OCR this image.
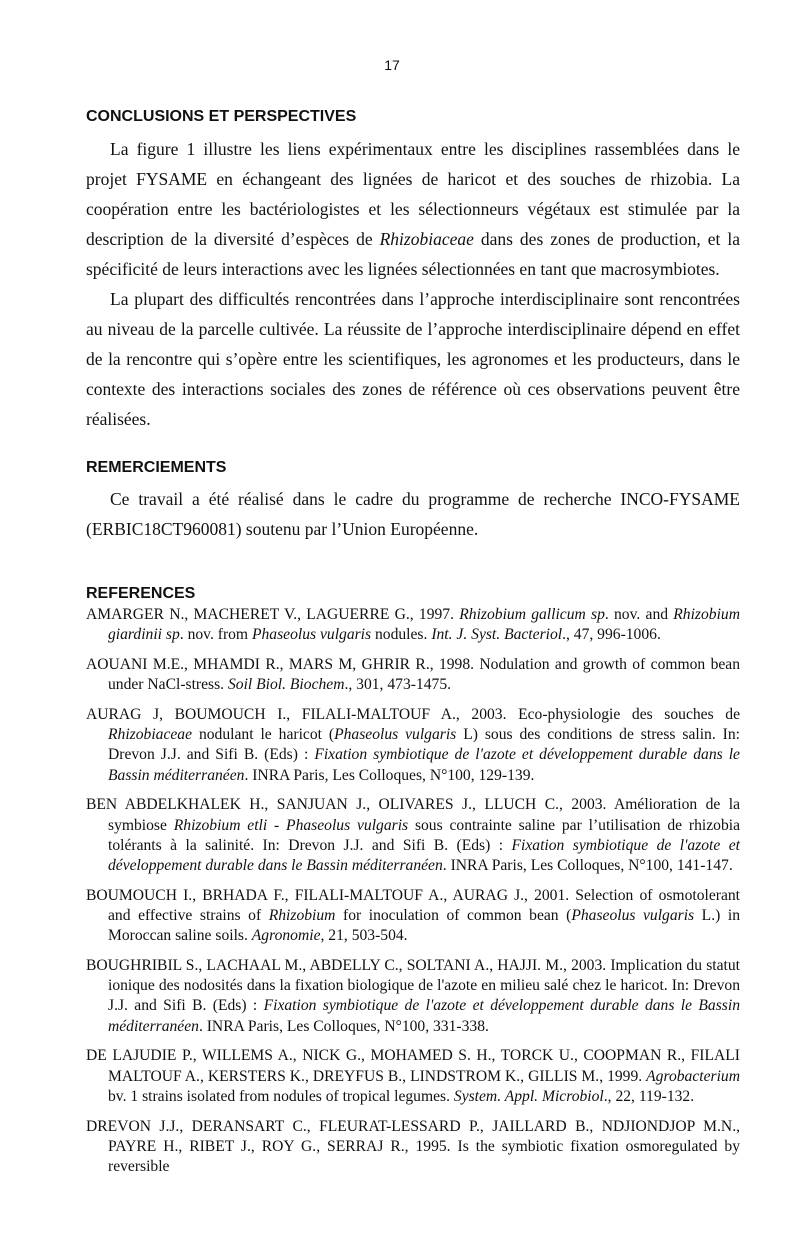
17
CONCLUSIONS ET PERSPECTIVES

La figure 1 illustre les liens expérimentaux entre les disciplines rassemblées dans le projet FYSAME en échangeant des lignées de haricot et des souches de rhizobia. La coopération entre les bactériologistes et les sélectionneurs végétaux est stimulée par la description de la diversité d’espèces de Rhizobiaceae dans des zones de production, et la spécificité de leurs interactions avec les lignées sélectionnées en tant que macrosymbiotes.

La plupart des difficultés rencontrées dans l’approche interdisciplinaire sont rencontrées au niveau de la parcelle cultivée. La réussite de l’approche interdisciplinaire dépend en effet de la rencontre qui s’opère entre les scientifiques, les agronomes et les producteurs, dans le contexte des interactions sociales des zones de référence où ces observations peuvent être réalisées.

REMERCIEMENTS

Ce travail a été réalisé dans le cadre du programme de recherche INCO-FYSAME (ERBIC18CT960081) soutenu par l’Union Européenne.

REFERENCES
AMARGER N., MACHERET V., LAGUERRE G., 1997. Rhizobium gallicum sp. nov. and Rhizobium giardinii sp. nov. from Phaseolus vulgaris nodules. Int. J. Syst. Bacteriol., 47, 996-1006.
AOUANI M.E., MHAMDI R., MARS M, GHRIR R., 1998. Nodulation and growth of common bean under NaCl-stress. Soil Biol. Biochem., 301, 473-1475.
AURAG J, BOUMOUCH I., FILALI-MALTOUF A., 2003. Eco-physiologie des souches de Rhizobiaceae nodulant le haricot (Phaseolus vulgaris L) sous des conditions de stress salin. In: Drevon J.J. and Sifi B. (Eds) : Fixation symbiotique de l'azote et développement durable dans le Bassin méditerranéen. INRA Paris, Les Colloques, N°100, 129-139.
BEN ABDELKHALEK H., SANJUAN J., OLIVARES J., LLUCH C., 2003. Amélioration de la symbiose Rhizobium etli - Phaseolus vulgaris sous contrainte saline par l’utilisation de rhizobia tolérants à la salinité. In: Drevon J.J. and Sifi B. (Eds) : Fixation symbiotique de l'azote et développement durable dans le Bassin méditerranéen. INRA Paris, Les Colloques, N°100, 141-147.
BOUMOUCH I., BRHADA F., FILALI-MALTOUF A., AURAG J., 2001. Selection of osmotolerant and effective strains of Rhizobium for inoculation of common bean (Phaseolus vulgaris L.) in Moroccan saline soils. Agronomie, 21, 503-504.
BOUGHRIBIL S., LACHAAL M., ABDELLY C., SOLTANI A., HAJJI. M., 2003. Implication du statut ionique des nodosités dans la fixation biologique de l'azote en milieu salé chez le haricot. In: Drevon J.J. and Sifi B. (Eds) : Fixation symbiotique de l'azote et développement durable dans le Bassin méditerranéen. INRA Paris, Les Colloques, N°100, 331-338.
DE LAJUDIE P., WILLEMS A., NICK G., MOHAMED S. H., TORCK U., COOPMAN R., FILALI MALTOUF A., KERSTERS K., DREYFUS B., LINDSTROM K., GILLIS M., 1999. Agrobacterium bv. 1 strains isolated from nodules of tropical legumes. System. Appl. Microbiol., 22, 119-132.
DREVON J.J., DERANSART C., FLEURAT-LESSARD P., JAILLARD B., NDJIONDJOP M.N., PAYRE H., RIBET J., ROY G., SERRAJ R., 1995. Is the symbiotic fixation osmoregulated by reversible
